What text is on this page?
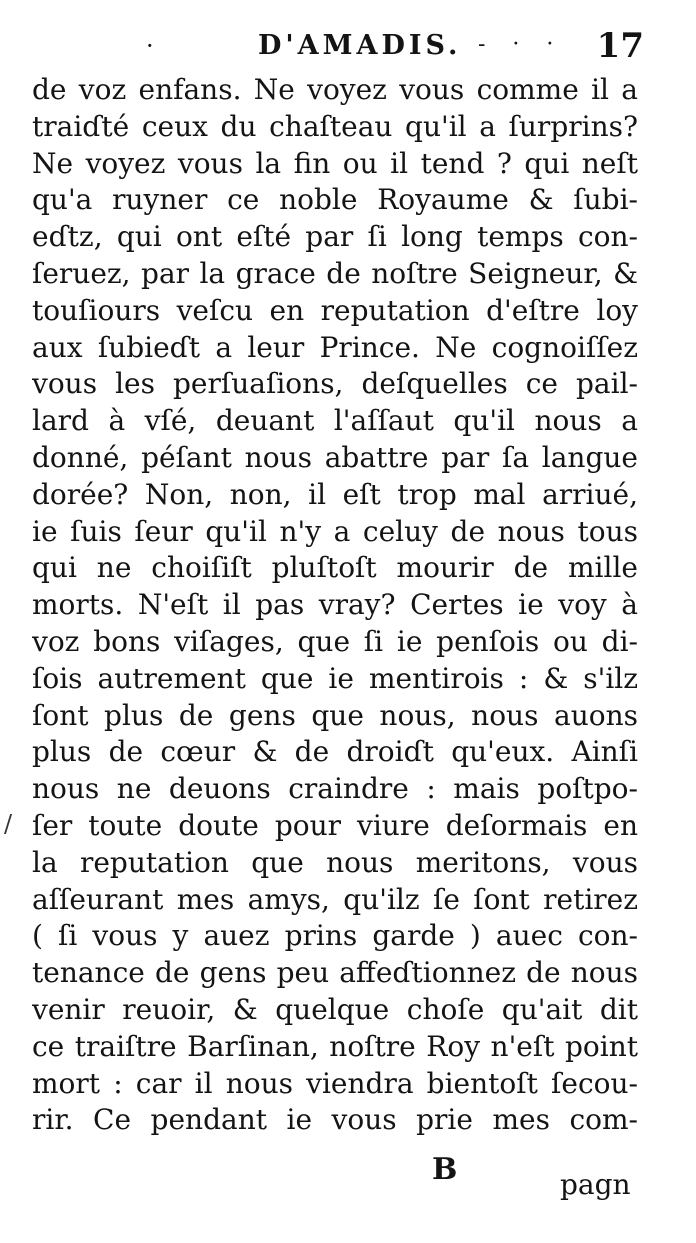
·	D'AMADIS. - · · 17
/
de voz enfans. Ne voyez vous comme il a
traiɗté ceux du chaſteau qu'il a ſurprins?
Ne voyez vous la fin ou il tend ? qui neſt
qu'a ruyner ce noble Royaume & ſubi-
eɗtz, qui ont eſté par ſi long temps con-
ſeruez, par la grace de noſtre Seigneur, &
touſiours veſcu en reputation d'eſtre loy
aux ſubieɗt a leur Prince. Ne cognoiſſez
vous les perſuaſions, deſquelles ce pail-
lard à vſé, deuant l'aſſaut qu'il nous a
donné, péſant nous abattre par ſa langue
dorée? Non, non, il eſt trop mal arriué,
ie ſuis ſeur qu'il n'y a celuy de nous tous
qui ne choiſiſt pluſtoſt mourir de mille
morts. N'eſt il pas vray? Certes ie voy à
voz bons viſages, que ſi ie penſois ou di-
ſois autrement que ie mentirois : & s'ilz
ſont plus de gens que nous, nous auons
plus de cœur & de droiɗt qu'eux. Ainſi
nous ne deuons craindre : mais poſtpo-
ſer toute doute pour viure deſormais en
la reputation que nous meritons, vous
aſſeurant mes amys, qu'ilz ſe ſont retirez
( ſi vous y auez prins garde ) auec con-
tenance de gens peu affeɗtionnez de nous
venir reuoir, & quelque choſe qu'ait dit
ce traiſtre Barſinan, noſtre Roy n'eſt point
mort : car il nous viendra bientoſt ſecou-
rir. Ce pendant ie vous prie mes com-
B	pagn
